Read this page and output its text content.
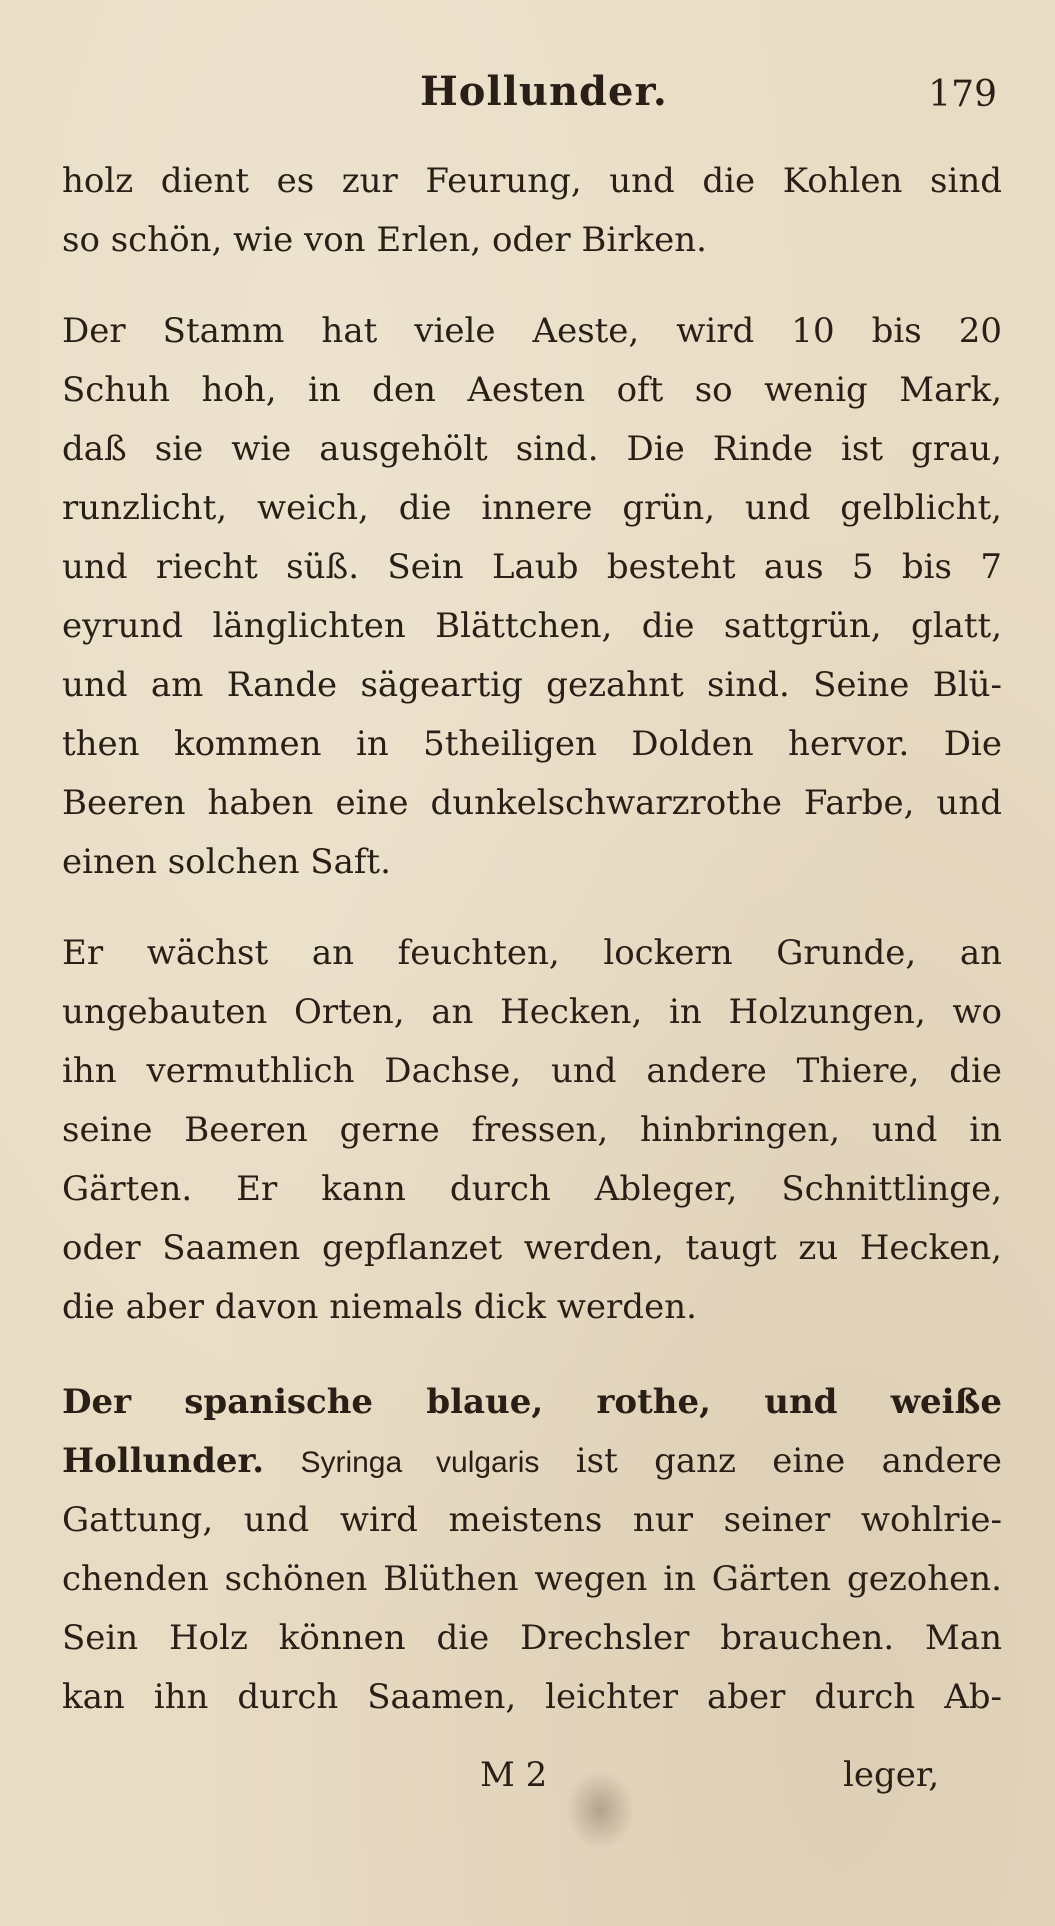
Hollunder.	179
holz dient es zur Feurung, und die Kohlen sind
so schön, wie von Erlen, oder Birken.
Der Stamm hat viele Aeste, wird 10 bis 20
Schuh hoh, in den Aesten oft so wenig Mark,
daß sie wie ausgehölt sind. Die Rinde ist grau,
runzlicht, weich, die innere grün, und gelblicht,
und riecht süß. Sein Laub besteht aus 5 bis 7
eyrund länglichten Blättchen, die sattgrün, glatt,
und am Rande sägeartig gezahnt sind. Seine Blü-
then kommen in 5theiligen Dolden hervor. Die
Beeren haben eine dunkelschwarzrothe Farbe, und
einen solchen Saft.
Er wächst an feuchten, lockern Grunde, an
ungebauten Orten, an Hecken, in Holzungen, wo
ihn vermuthlich Dachse, und andere Thiere, die
seine Beeren gerne fressen, hinbringen, und in
Gärten. Er kann durch Ableger, Schnittlinge,
oder Saamen gepflanzet werden, taugt zu Hecken,
die aber davon niemals dick werden.
Der spanische blaue, rothe, und weiße
Hollunder. Syringa vulgaris ist ganz eine andere
Gattung, und wird meistens nur seiner wohlrie-
chenden schönen Blüthen wegen in Gärten gezohen.
Sein Holz können die Drechsler brauchen. Man
kan ihn durch Saamen, leichter aber durch Ab-
M 2	leger,
